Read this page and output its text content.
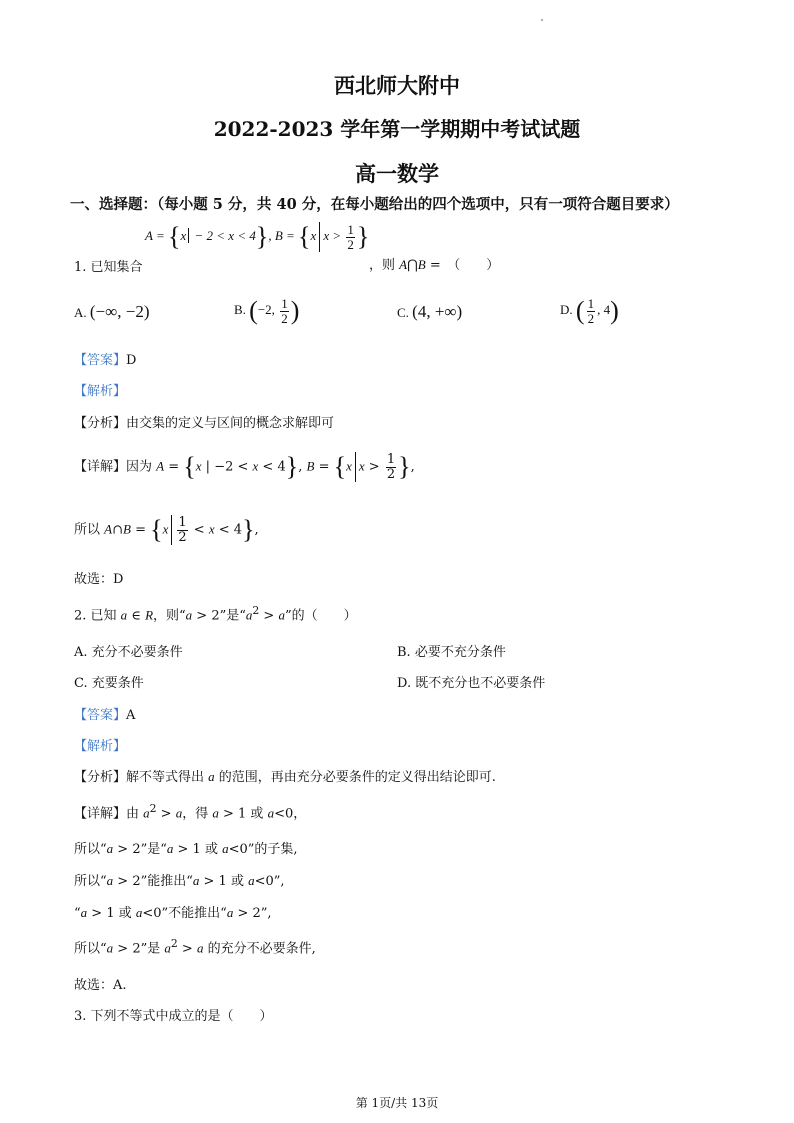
西北师大附中
2022-2023 学年第一学期期中考试试题
高一数学
一、选择题：（每小题 5 分，共 40 分，在每小题给出的四个选项中，只有一项符合题目要求）
1. 已知集合
A = {x − 2 < x < 4}, B = {x $x > \frac{1}{2}$ }
，则 A⋂B =　（　　）
A. (−∞, −2)	B. (−2, $\frac{1}{2}$ )	C. (4, +∞)	D. ( $\frac{1}{2}$ , 4)
【答案】D
【解析】
【分析】由交集的定义与区间的概念求解即可
【详解】因为 A = {x | −2 < x < 4}, B = {x $x > \frac{1}{2}$ },
所以 A∩B = $\{x \frac{1}{2} < x < 4\}$,
故选：D
2. 已知 a ∈ R，则“a > 2”是“$a^2 > a$”的（　　）
A. 充分不必要条件	B. 必要不充分条件
C. 充要条件	D. 既不充分也不必要条件
【答案】A
【解析】
【分析】解不等式得出 a 的范围，再由充分必要条件的定义得出结论即可.
【详解】由 $a^2 > a$，得 a > 1 或 a<0，
所以“a > 2”是“a > 1 或 a<0”的子集,
所以“a > 2”能推出“a > 1 或 a<0”,
“a > 1 或 a<0”不能推出“a > 2”,
所以“a > 2”是 $a^2 > a$ 的充分不必要条件,
故选：A.
3. 下列不等式中成立的是（　　）
第 1页/共 13页
